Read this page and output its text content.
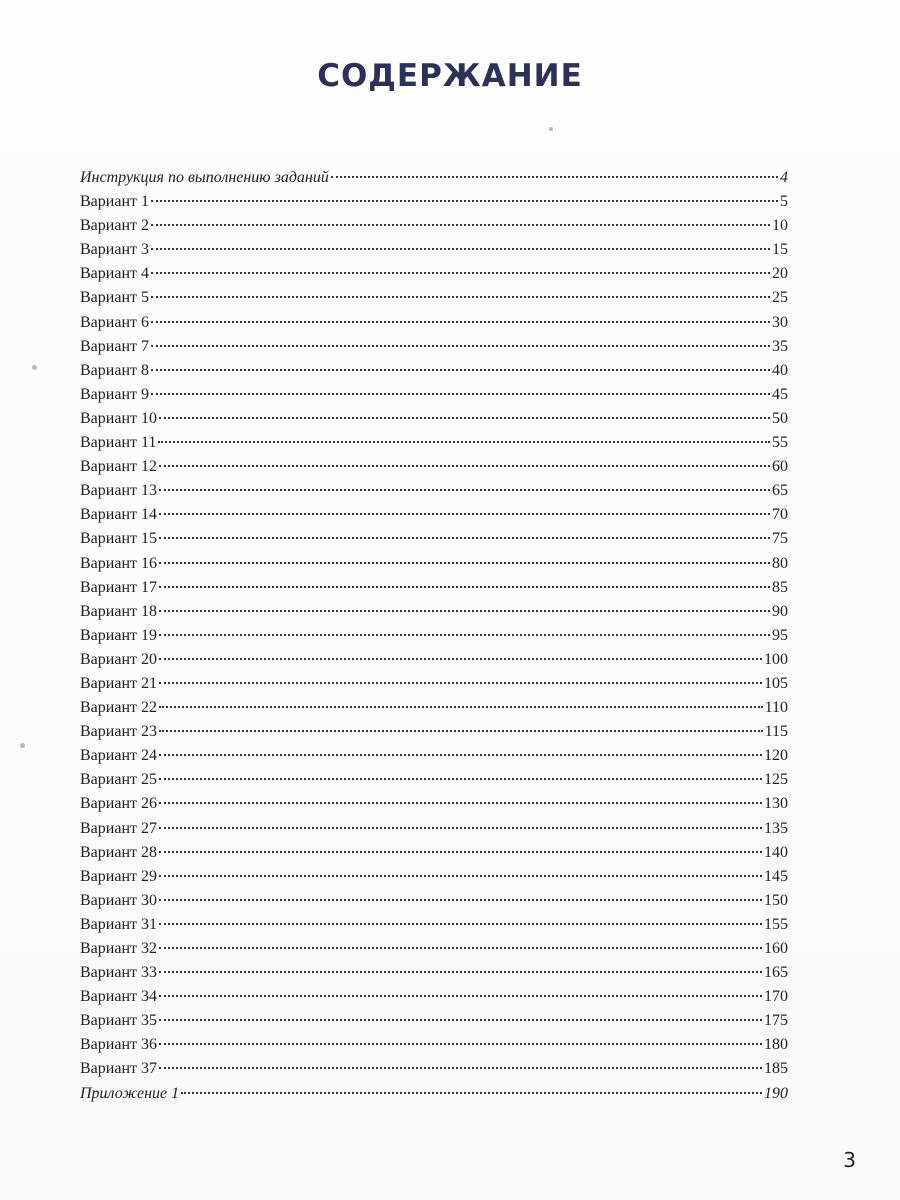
СОДЕРЖАНИЕ
Инструкция по выполнению заданий	4
Вариант 1	5
Вариант 2	10
Вариант 3	15
Вариант 4	20
Вариант 5	25
Вариант 6	30
Вариант 7	35
Вариант 8	40
Вариант 9	45
Вариант 10	50
Вариант 11	55
Вариант 12	60
Вариант 13	65
Вариант 14	70
Вариант 15	75
Вариант 16	80
Вариант 17	85
Вариант 18	90
Вариант 19	95
Вариант 20	100
Вариант 21	105
Вариант 22	110
Вариант 23	115
Вариант 24	120
Вариант 25	125
Вариант 26	130
Вариант 27	135
Вариант 28	140
Вариант 29	145
Вариант 30	150
Вариант 31	155
Вариант 32	160
Вариант 33	165
Вариант 34	170
Вариант 35	175
Вариант 36	180
Вариант 37	185
Приложение 1	190
3
